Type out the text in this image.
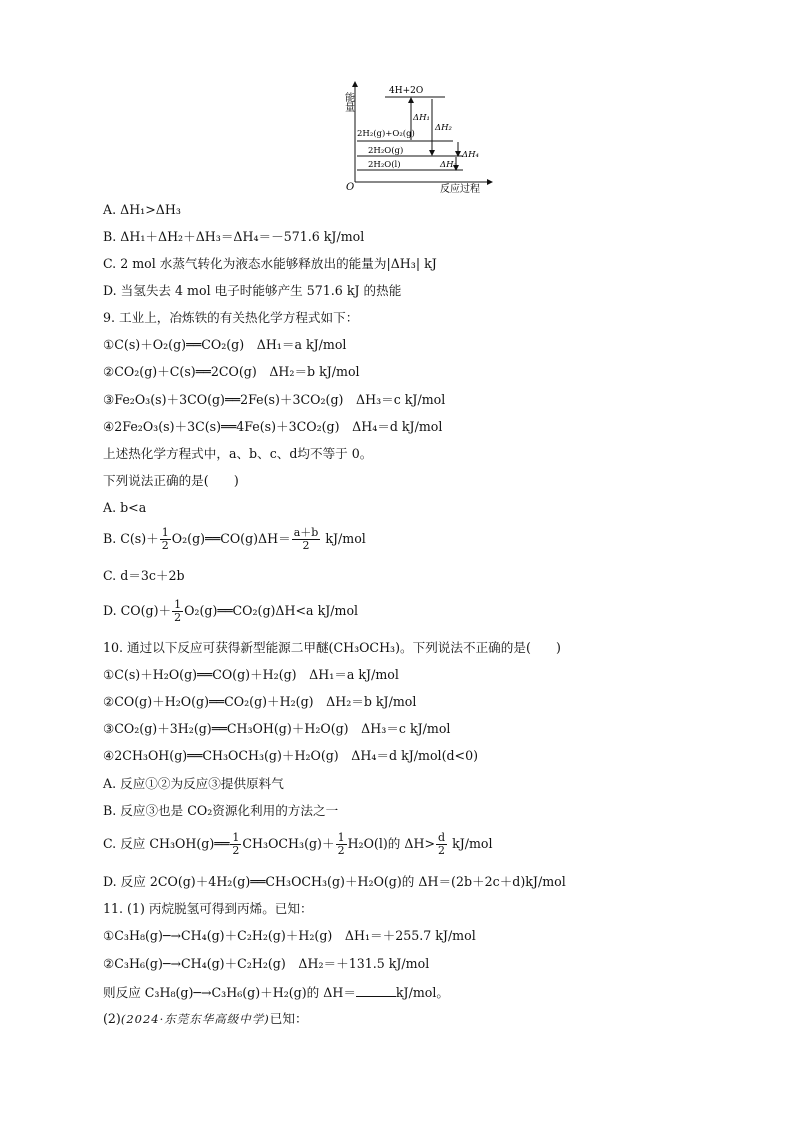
能量
O	反应过程
4H+2O
2H₂(g)+O₂(g)
2H₂O(g)
2H₂O(l)
ΔH₁
ΔH₂
ΔH₃
ΔH₄
A. ΔH₁>ΔH₃
B. ΔH₁＋ΔH₂＋ΔH₃＝ΔH₄＝－571.6 kJ/mol
C. 2 mol 水蒸气转化为液态水能够释放出的能量为|ΔH₃| kJ
D. 当氢失去 4 mol 电子时能够产生 571.6 kJ 的热能
9. 工业上，冶炼铁的有关热化学方程式如下：
①C(s)＋O₂(g)══CO₂(g)　ΔH₁＝a kJ/mol
②CO₂(g)＋C(s)══2CO(g)　ΔH₂＝b kJ/mol
③Fe₂O₃(s)＋3CO(g)══2Fe(s)＋3CO₂(g)　ΔH₃＝c kJ/mol
④2Fe₂O₃(s)＋3C(s)══4Fe(s)＋3CO₂(g)　ΔH₄＝d kJ/mol
上述热化学方程式中，a、b、c、d均不等于 0。
下列说法正确的是(　　)
A. b<a
B. $C(s)+ \frac{1}{2}$ O₂(g)══CO(g)ΔH＝ $\frac{a+b}{2} kJ/mol$
C. d＝3c＋2b
D. $CO(g)+ \frac{1}{2}$ O₂(g)══CO₂(g)ΔH<a kJ/mol
10. 通过以下反应可获得新型能源二甲醚(CH₃OCH₃)。下列说法不正确的是(　　)
①C(s)＋H₂O(g)══CO(g)＋H₂(g)　ΔH₁＝a kJ/mol
②CO(g)＋H₂O(g)══CO₂(g)＋H₂(g)　ΔH₂＝b kJ/mol
③CO₂(g)＋3H₂(g)══CH₃OH(g)＋H₂O(g)　ΔH₃＝c kJ/mol
④2CH₃OH(g)══CH₃OCH₃(g)＋H₂O(g)　ΔH₄＝d kJ/mol(d<0)
A. 反应①②为反应③提供原料气
B. 反应③也是 CO₂资源化利用的方法之一
C. 反应 CH₃OH(g)══ $\frac{1}{2} CH_3OCH_3(g)+ \frac{1}{2} H_2O(l)$的 $\Delta H> \frac{d}{2} kJ/mol$
D. 反应 2CO(g)＋4H₂(g)══CH₃OCH₃(g)＋H₂O(g)的 ΔH＝(2b＋2c＋d)kJ/mol
11. (1) 丙烷脱氢可得到丙烯。已知：
①C₃H₈(g)─→CH₄(g)＋C₂H₂(g)＋H₂(g)　ΔH₁＝＋255.7 kJ/mol
②C₃H₆(g)─→CH₄(g)＋C₂H₂(g)　ΔH₂＝＋131.5 kJ/mol
则反应 C₃H₈(g)─→C₃H₆(g)＋H₂(g)的 ΔH＝	kJ/mol。
(2)(2024·东莞东华高级中学)已知：
